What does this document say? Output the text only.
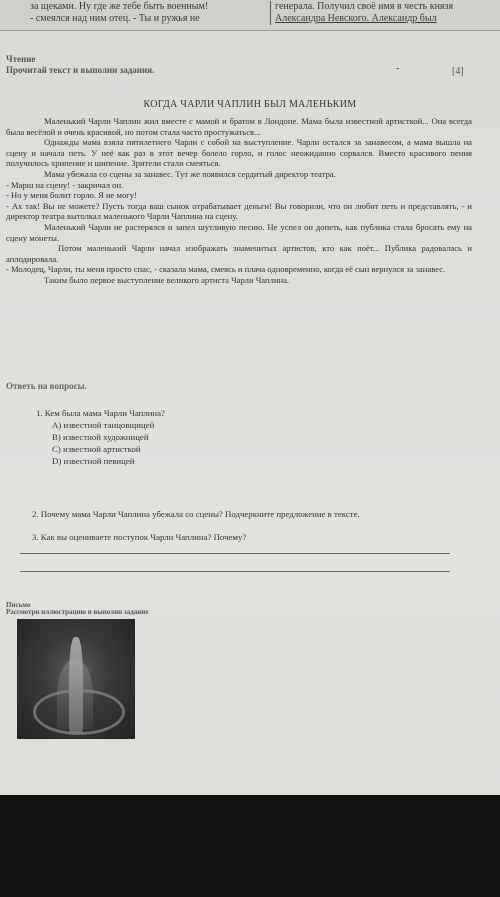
за щеками. Ну где же тебе быть военным!
- смеялся над ним отец. - Ты и ружья не
генерала. Получил своё имя в честь князя
Александра Невского. Александр был
Чтение
Прочитай текст и выполни задания.	-	[4]
КОГДА ЧАРЛИ ЧАПЛИН БЫЛ МАЛЕНЬКИМ

Маленький Чарли Чаплин жил вместе с мамой и братом в Лондоне. Мама была известной артисткой... Она всегда была весёлой и очень красивой, но потом стала часто простужаться...

Однажды мама взяла пятилетнего Чарли с собой на выступление. Чарли остался за занавесом, а мама вышла на сцену и начала петь. У неё как раз в этот вечер болело горло, и голос неожиданно сорвался. Вместо красивого пения получилось хрипение и шипение. Зрители стали смеяться.

Мама убежала со сцены за занавес. Тут же появился сердитый директор театра.

- Марш на сцену! - закричал он.

- Но у меня болит горло. Я не могу!

- Ах так! Вы не можете? Пусть тогда ваш сынок отрабатывает деньги! Вы говорили, что он любит петь и представлять, - и директор театра вытолкал маленького Чарли Чаплина на сцену.

Маленький Чарли не растерялся и запел шутливую песню. Не успел он допеть, как публика стала бросать ему на сцену монеты.

Потом маленький Чарли начал изображать знаменитых артистов, кто как поёт... Публика радовалась и аплодировала.

- Молодец, Чарли, ты меня просто спас, - сказала мама, смеясь и плача одновременно, когда её сын вернулся за занавес.

Таким было первое выступление великого артиста Чарли Чаплина.

Ответь на вопросы.
1. Кем была мама Чарли Чаплина?
А) известной танцовщицей
В) известной художницей
С) известной артисткой
D) известной певицей
2. Почему мама Чарли Чаплина убежала со сцены? Подчеркните предложение в тексте.
3. Как вы оцениваете поступок Чарли Чаплина? Почему?
Письмо
Рассмотри иллюстрацию и выполни задание
